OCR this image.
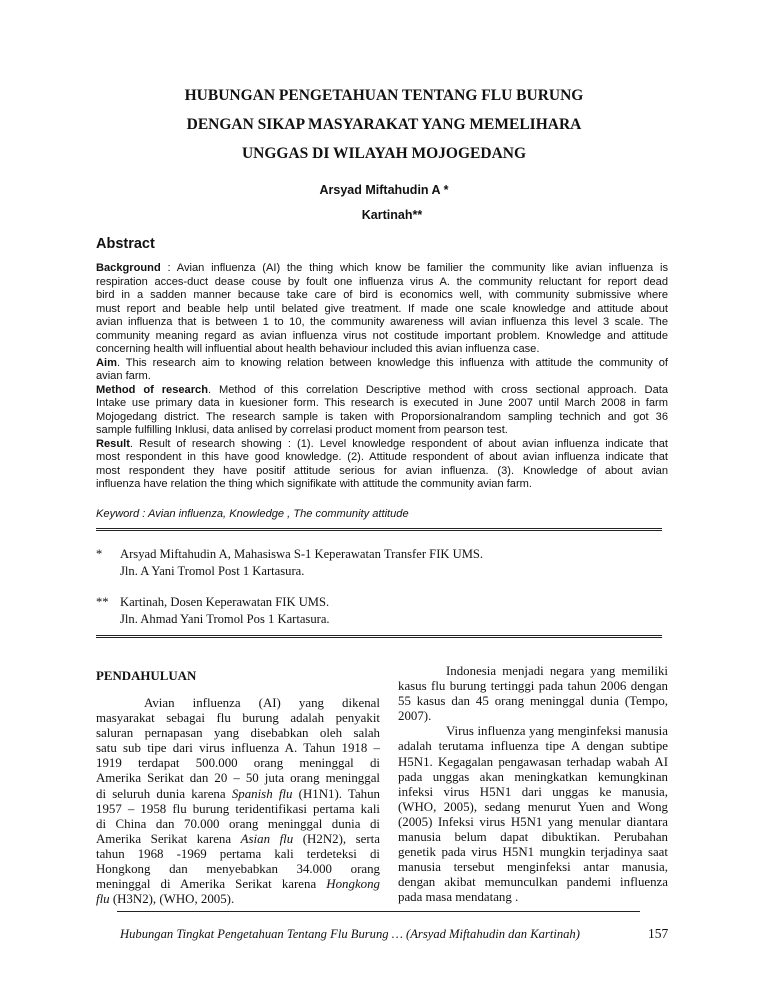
HUBUNGAN PENGETAHUAN TENTANG FLU BURUNG
DENGAN SIKAP MASYARAKAT YANG MEMELIHARA
UNGGAS DI WILAYAH MOJOGEDANG
Arsyad Miftahudin A *
Kartinah**
Abstract
Background : Avian influenza (AI) the thing which know be familier the community like avian influenza is
respiration acces-duct dease couse by foult one influenza virus A. the community reluctant for report dead
bird in a sadden manner because take care of bird is economics well, with community submissive where
must report and beable help until belated give treatment. If made one scale knowledge and attitude about
avian influenza that is between 1 to 10, the community awareness will avian influenza this level 3 scale. The
community meaning regard as avian influenza virus not costitude important problem. Knowledge and attitude
concerning health will influential about health behaviour included this avian influenza case.
Aim. This research aim to knowing relation between knowledge this influenza with attitude the community of
avian farm.
Method of research. Method of this correlation Descriptive method with cross sectional approach. Data
Intake use primary data in kuesioner form. This research is executed in June 2007 until March 2008 in farm
Mojogedang district. The research sample is taken with Proporsionalrandom sampling technich and got 36
sample fulfilling Inklusi, data anlised by correlasi product moment from pearson test.
Result. Result of research showing : (1). Level knowledge respondent of about avian influenza indicate that
most respondent in this have good knowledge. (2). Attitude respondent of about avian influenza indicate that
most respondent they have positif attitude serious for avian influenza. (3). Knowledge of about avian
influenza have relation the thing which signifikate with attitude the community avian farm.
Keyword : Avian influenza, Knowledge , The community attitude
* Arsyad Miftahudin A, Mahasiswa S-1 Keperawatan Transfer FIK UMS.
Jln. A Yani Tromol Post 1 Kartasura.
** Kartinah, Dosen Keperawatan FIK UMS.
Jln. Ahmad Yani Tromol Pos 1 Kartasura.
PENDAHULUAN
Avian influenza (AI) yang dikenal
masyarakat sebagai flu burung adalah penyakit
saluran pernapasan yang disebabkan oleh salah
satu sub tipe dari virus influenza A. Tahun 1918 –
1919 terdapat 500.000 orang meninggal di
Amerika Serikat dan 20 – 50 juta orang meninggal
di seluruh dunia karena Spanish flu (H1N1). Tahun
1957 – 1958 flu burung teridentifikasi pertama kali
di China dan 70.000 orang meninggal dunia di
Amerika Serikat karena Asian flu (H2N2), serta
tahun 1968 -1969 pertama kali terdeteksi di
Hongkong dan menyebabkan 34.000 orang
meninggal di Amerika Serikat karena Hongkong
flu (H3N2), (WHO, 2005).
Indonesia menjadi negara yang memiliki
kasus flu burung tertinggi pada tahun 2006 dengan
55 kasus dan 45 orang meninggal dunia (Tempo,
2007).
Virus influenza yang menginfeksi manusia
adalah terutama influenza tipe A dengan subtipe
H5N1. Kegagalan pengawasan terhadap wabah AI
pada unggas akan meningkatkan kemungkinan
infeksi virus H5N1 dari unggas ke manusia,
(WHO, 2005), sedang menurut Yuen and Wong
(2005) Infeksi virus H5N1 yang menular diantara
manusia belum dapat dibuktikan. Perubahan
genetik pada virus H5N1 mungkin terjadinya saat
manusia tersebut menginfeksi antar manusia,
dengan akibat memunculkan pandemi influenza
pada masa mendatang .
Hubungan Tingkat Pengetahuan Tentang Flu Burung … (Arsyad Miftahudin dan Kartinah)	157
